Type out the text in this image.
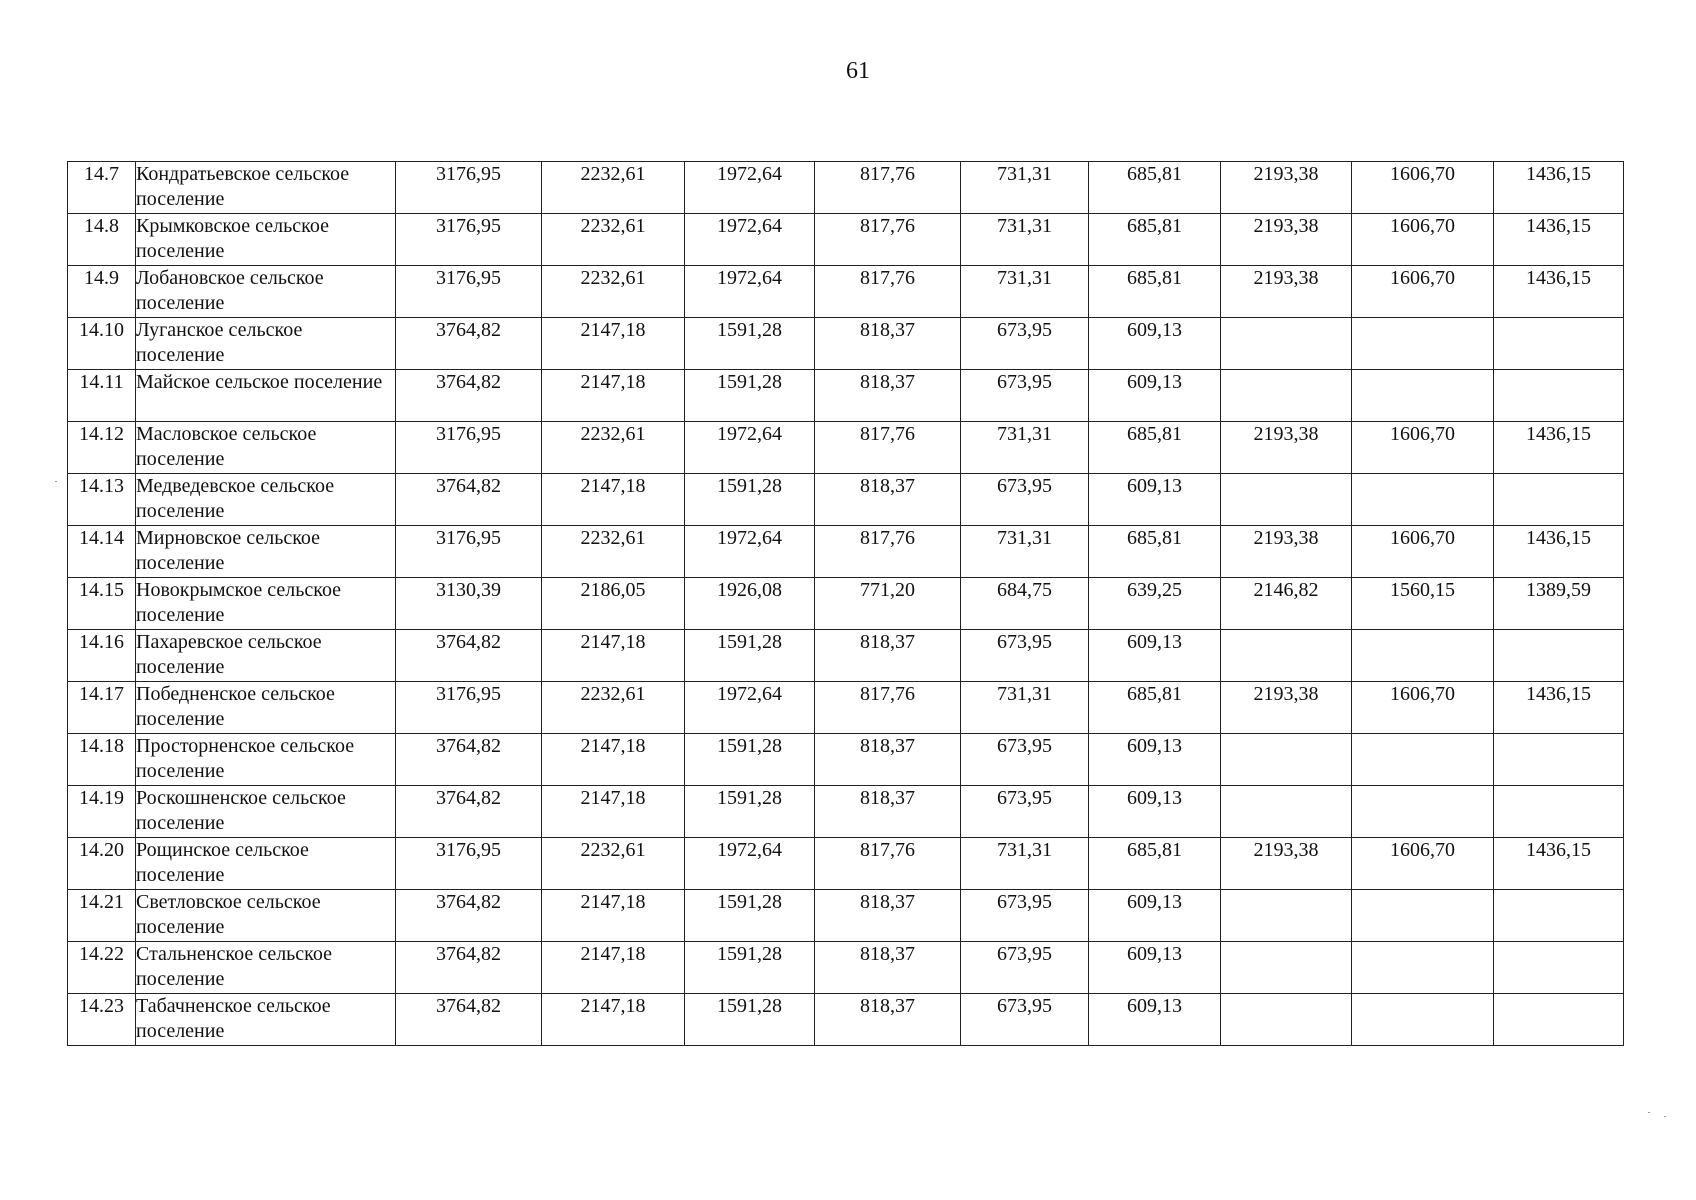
61
14.7	Кондратьевское сельское поселение	3176,95	2232,61	1972,64	817,76	731,31	685,81	2193,38	1606,70	1436,15
14.8	Крымковское сельское поселение	3176,95	2232,61	1972,64	817,76	731,31	685,81	2193,38	1606,70	1436,15
14.9	Лобановское сельское поселение	3176,95	2232,61	1972,64	817,76	731,31	685,81	2193,38	1606,70	1436,15
14.10	Луганское сельское поселение	3764,82	2147,18	1591,28	818,37	673,95	609,13			
14.11	Майское сельское поселение	3764,82	2147,18	1591,28	818,37	673,95	609,13			
14.12	Масловское сельское поселение	3176,95	2232,61	1972,64	817,76	731,31	685,81	2193,38	1606,70	1436,15
14.13	Медведевское сельское поселение	3764,82	2147,18	1591,28	818,37	673,95	609,13			
14.14	Мирновское сельское поселение	3176,95	2232,61	1972,64	817,76	731,31	685,81	2193,38	1606,70	1436,15
14.15	Новокрымское сельское поселение	3130,39	2186,05	1926,08	771,20	684,75	639,25	2146,82	1560,15	1389,59
14.16	Пахаревское сельское поселение	3764,82	2147,18	1591,28	818,37	673,95	609,13			
14.17	Победненское сельское поселение	3176,95	2232,61	1972,64	817,76	731,31	685,81	2193,38	1606,70	1436,15
14.18	Просторненское сельское поселение	3764,82	2147,18	1591,28	818,37	673,95	609,13			
14.19	Роскошненское сельское поселение	3764,82	2147,18	1591,28	818,37	673,95	609,13			
14.20	Рощинское сельское поселение	3176,95	2232,61	1972,64	817,76	731,31	685,81	2193,38	1606,70	1436,15
14.21	Светловское сельское поселение	3764,82	2147,18	1591,28	818,37	673,95	609,13			
14.22	Стальненское сельское поселение	3764,82	2147,18	1591,28	818,37	673,95	609,13			
14.23	Табачненское сельское поселение	3764,82	2147,18	1591,28	818,37	673,95	609,13			
